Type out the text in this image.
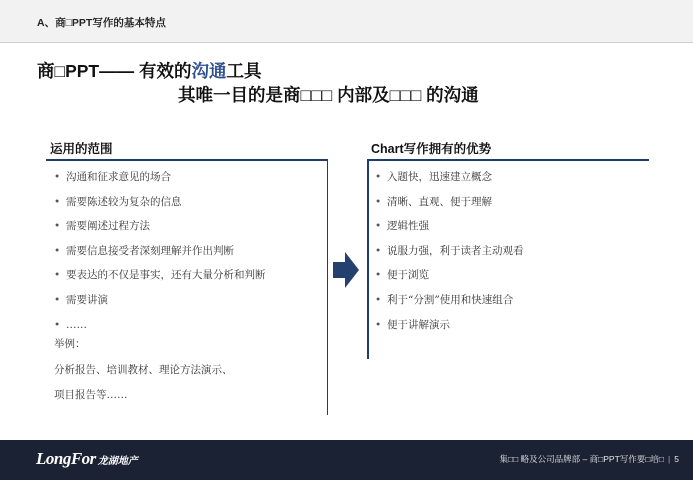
A、商□PPT写作的基本特点
商□PPT—— 有效的沟通工具
其唯一目的是商□□□ 内部及□□□ 的沟通
运用的范围
• 沟通和征求意见的场合
• 需要陈述较为复杂的信息
• 需要阐述过程方法
• 需要信息接受者深刻理解并作出判断
• 要表达的不仅是事实，还有大量分析和判断
• 需要讲演
• ……
举例：
分析报告、培训教材、理论方法演示、
项目报告等……
Chart写作拥有的优势
• 入题快，迅速建立概念
• 清晰、直观、便于理解
• 逻辑性强
• 说服力强，利于读者主动观看
• 便于浏览
• 利于“分割”使用和快速组合
• 便于讲解演示
LongFor 龙湖地产	集□□ 略及公司品牌部 – 商□PPT写作要□培□ | 5
